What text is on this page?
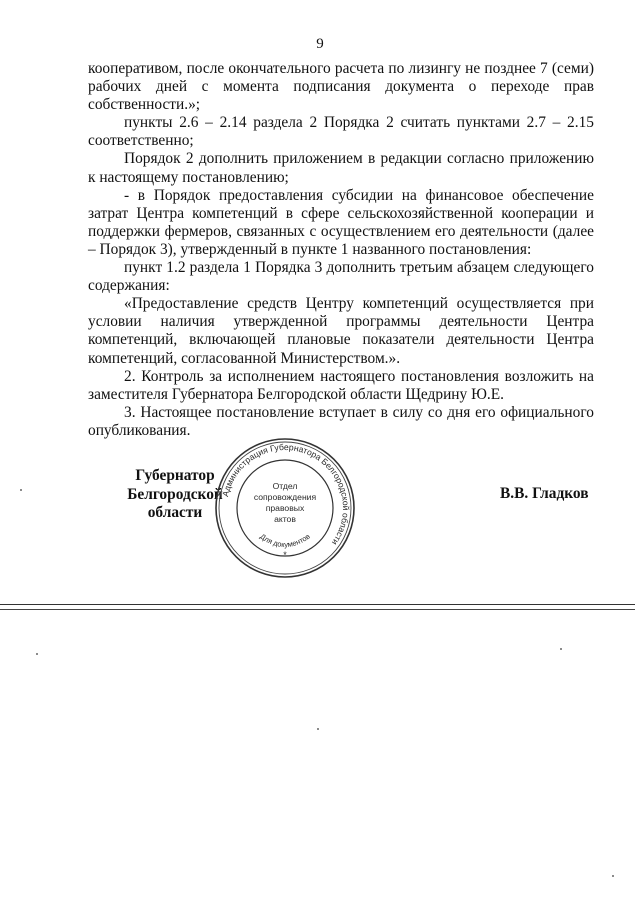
9

кооперативом, после окончательного расчета по лизингу не позднее 7 (семи) рабочих дней с момента подписания документа о переходе прав собственности.»;

пункты 2.6 – 2.14 раздела 2 Порядка 2 считать пунктами 2.7 – 2.15 соответственно;

Порядок 2 дополнить приложением в редакции согласно приложению к настоящему постановлению;

- в Порядок предоставления субсидии на финансовое обеспечение затрат Центра компетенций в сфере сельскохозяйственной кооперации и поддержки фермеров, связанных с осуществлением его деятельности (далее – Порядок 3), утвержденный в пункте 1 названного постановления:

пункт 1.2 раздела 1 Порядка 3 дополнить третьим абзацем следующего содержания:

«Предоставление средств Центру компетенций осуществляется при условии наличия утвержденной программы деятельности Центра компетенций, включающей плановые показатели деятельности Центра компетенций, согласованной Министерством.».

2. Контроль за исполнением настоящего постановления возложить на заместителя Губернатора Белгородской области Щедрину Ю.Е.

3. Настоящее постановление вступает в силу со дня его официального опубликования.

Губернатор
Белгородской области
Администрация Губернатора Белгородской области
Отдел
сопровождения
правовых
актов
Для документов
*
В.В. Гладков
